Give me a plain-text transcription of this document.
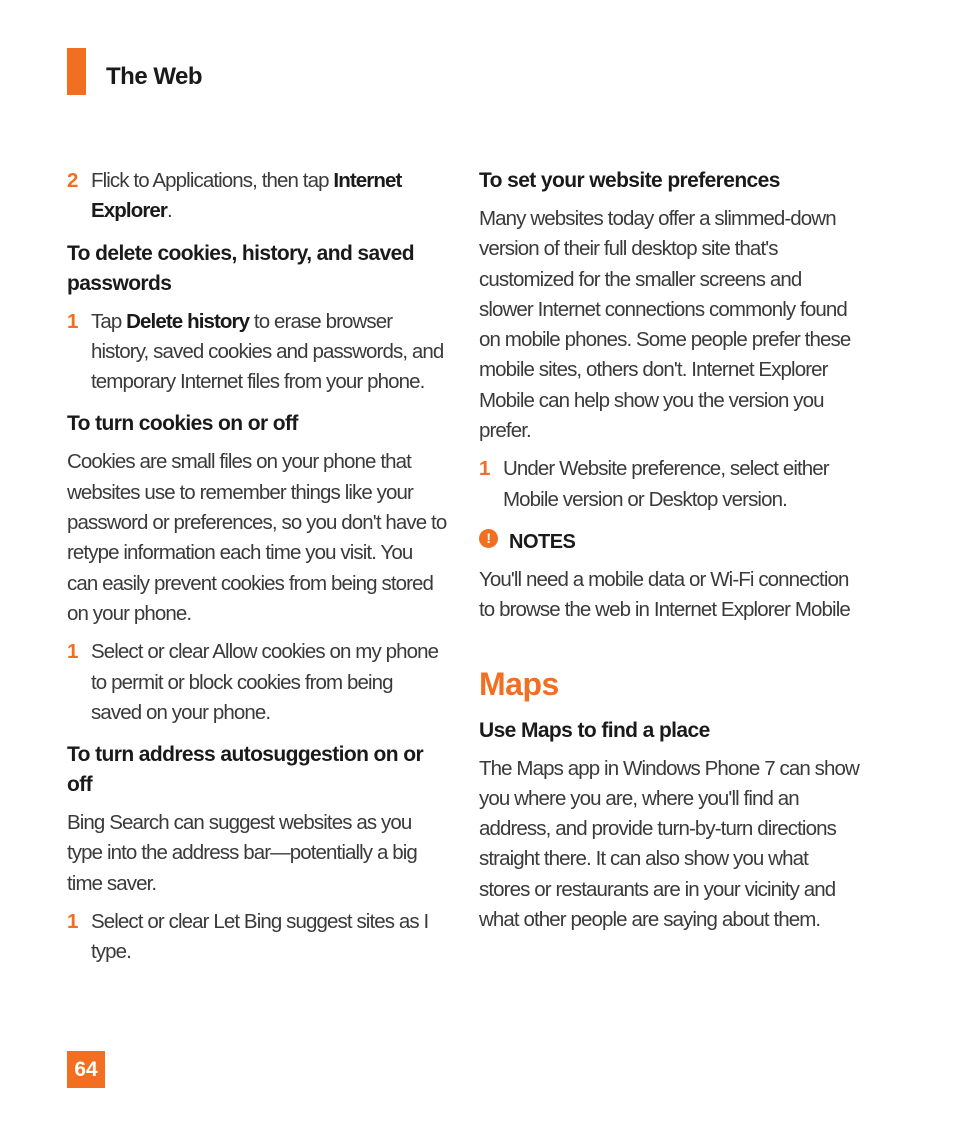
The Web
2 Flick to Applications, then tap Internet Explorer.
To delete cookies, history, and saved passwords
1 Tap Delete history to erase browser history, saved cookies and passwords, and temporary Internet files from your phone.
To turn cookies on or off

Cookies are small files on your phone that websites use to remember things like your password or preferences, so you don't have to retype information each time you visit. You can easily prevent cookies from being stored on your phone.

1 Select or clear Allow cookies on my phone to permit or block cookies from being saved on your phone.
To turn address autosuggestion on or off

Bing Search can suggest websites as you type into the address bar—potentially a big time saver.

1 Select or clear Let Bing suggest sites as I type.
To set your website preferences

Many websites today offer a slimmed-down version of their full desktop site that's customized for the smaller screens and slower Internet connections commonly found on mobile phones. Some people prefer these mobile sites, others don't. Internet Explorer Mobile can help show you the version you prefer.

1 Under Website preference, select either Mobile version or Desktop version.
! NOTES

You'll need a mobile data or Wi-Fi connection to browse the web in Internet Explorer Mobile

Maps
Use Maps to find a place

The Maps app in Windows Phone 7 can show you where you are, where you'll find an address, and provide turn-by-turn directions straight there. It can also show you what stores or restaurants are in your vicinity and what other people are saying about them.

64
